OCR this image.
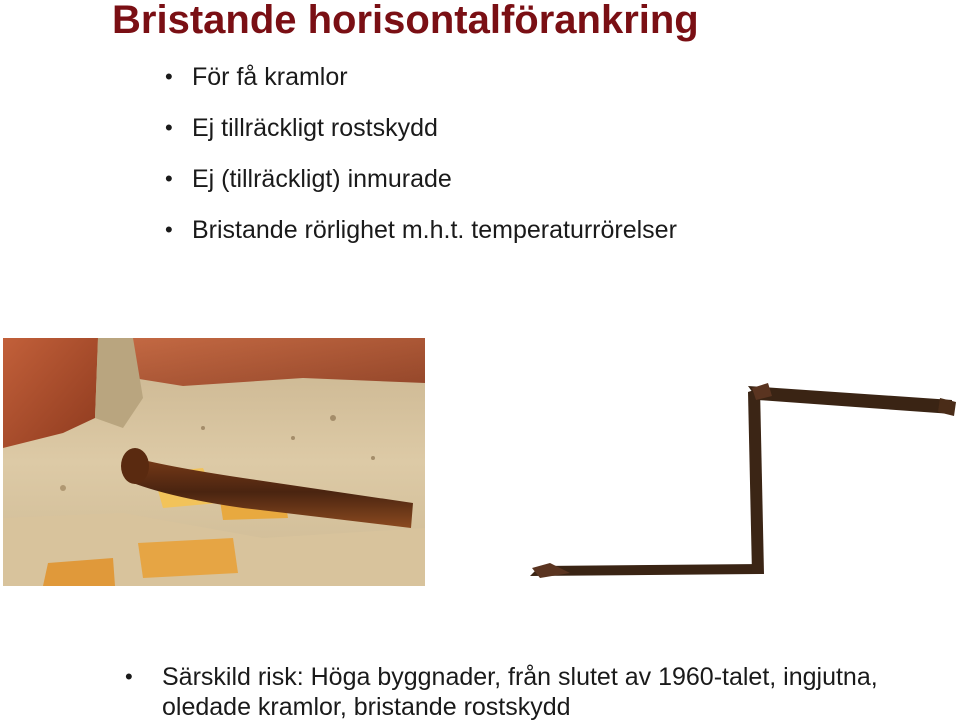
Bristande horisontalförankring
• För få kramlor
• Ej tillräckligt rostskydd
• Ej (tillräckligt) inmurade
• Bristande rörlighet m.h.t. temperaturrörelser
• Särskild risk: Höga byggnader, från slutet av 1960-talet, ingjutna, oledade kramlor, bristande rostskydd
